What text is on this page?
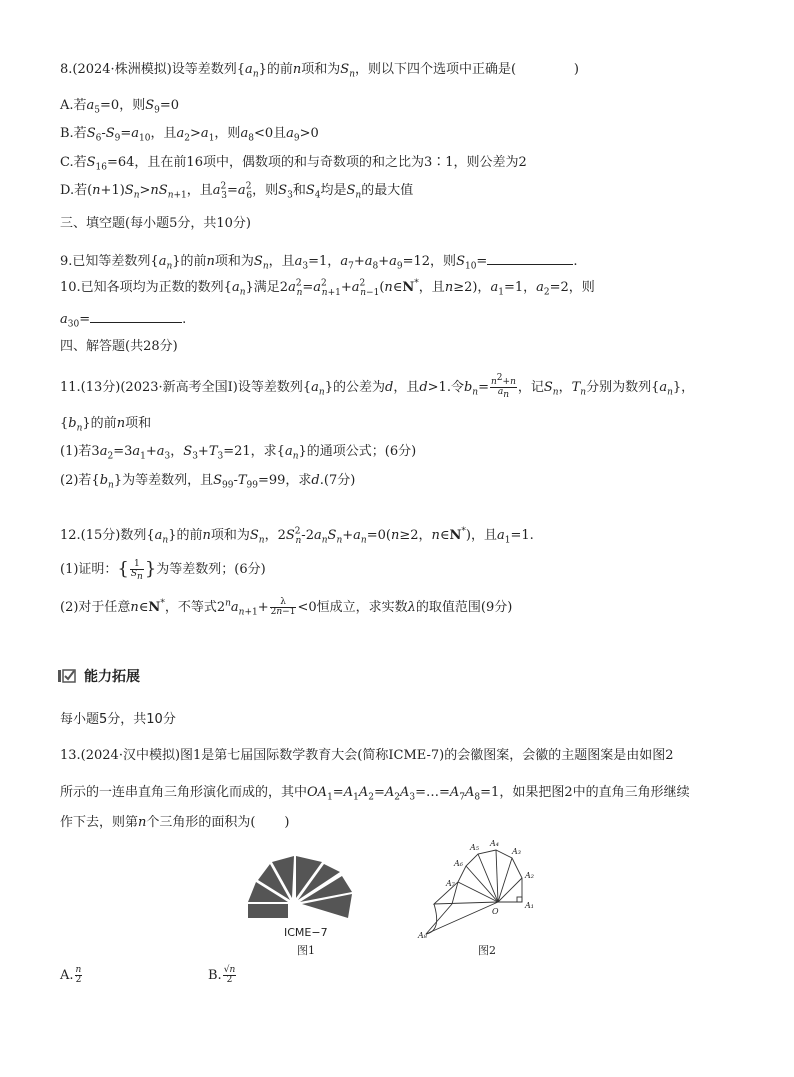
8.(2024·株洲模拟)设等差数列$\{a_n\}$的前n项和为$S_n$，则以下四个选项中正确是(              )
A.若$a_5=0$，则$S_9=0$
B.若$S_6-S_9=a_{10}$，且$a_2>a_1$，则$a_8<0$且$a_9>0$
C.若$S_{16}=64$，且在前16项中，偶数项的和与奇数项的和之比为3∶1，则公差为2
D.若$(n+1)S_n>nS_{n+1}$，且$a^2_3=a^2_6$，则$S_3$和$S_4$均是$S_n$的最大值
三、填空题(每小题5分，共10分)
9.已知等差数列$\{a_n\}$的前n项和为$S_n$，且$a_3=1$，$a_7+a_8+a_9=12$，则$S_{10}=$	.
10.已知各项均为正数的数列$\{a_n\}$满足$2a^2_n=a^2_{n+1}+a^2_{n-1}(n\in N^*$，且n≥2)，$a_1=1$，$a_2=2$，则
$a_{30}=$	.
四、解答题(共28分)
11.(13分)(2023·新高考全国Ⅰ)设等差数列$\{a_n\}$的公差为d，且d>1.令$b_n= \frac{n^2+n}{a_n}$ ，记$S_n$，$T_n$分别为数列$\{a_n\}$，
$\{b_n\}$的前n项和
(1)若$3a_2=3a_1+a_3$，$S_3+T_3=21$，求$\{a_n\}$的通项公式；(6分)
(2)若$\{b_n\}$为等差数列，且$S_{99}-T_{99}=99$，求d.(7分)
12.(15分)数列$\{a_n\}$的前n项和为$S_n$，$2S^2_n-2a_nS_n+a_n=0(n\ge 2$，n∈N*)，且$a_1=1$.
(1)证明：{ $\frac{1}{S_n}$ }为等差数列；(6分)
(2)对于任意n∈N*，不等式$2^na_{n+1}+ \frac{\lambda}{2n-1} <0$恒成立，求实数λ的取值范围(9分)
能力拓展
每小题5分，共10分
13.(2024·汉中模拟)图1是第七届国际数学教育大会(简称ICME-7)的会徽图案，会徽的主题图案是由如图2
所示的一连串直角三角形演化而成的，其中$OA_1=A_1A_2=A_2A_3=\dots=A_7A_8=1$，如果把图2中的直角三角形继续
作下去，则第n个三角形的面积为(       )
ICME−7
图1
A₁
A₂
A₃
A₄
A₅
A₆
A₇
A₈
O
图2
A. $\frac{n}{2}$	B. $\frac{√n}{2}$
